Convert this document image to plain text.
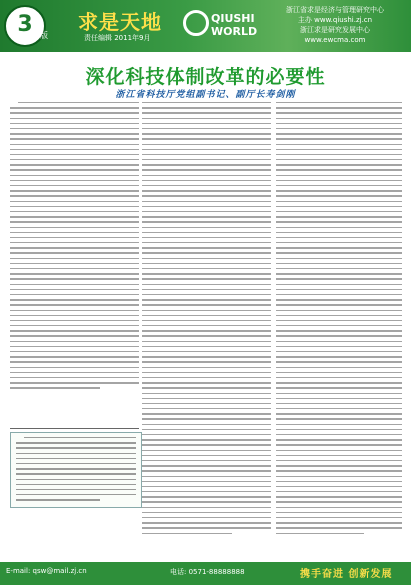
3 版
求是天地
责任编辑 2011年9月
QIUSHI
WORLD
浙江省求是经济与管理研究中心
主办 www.qiushi.zj.cn
浙江求是研究发展中心
www.ewcma.com
深化科技体制改革的必要性
浙江省科技厅党组副书记、副厅长寿剑刚
E-mail: qsw@mail.zj.cn	电话: 0571-88888888	携手奋进 创新发展
